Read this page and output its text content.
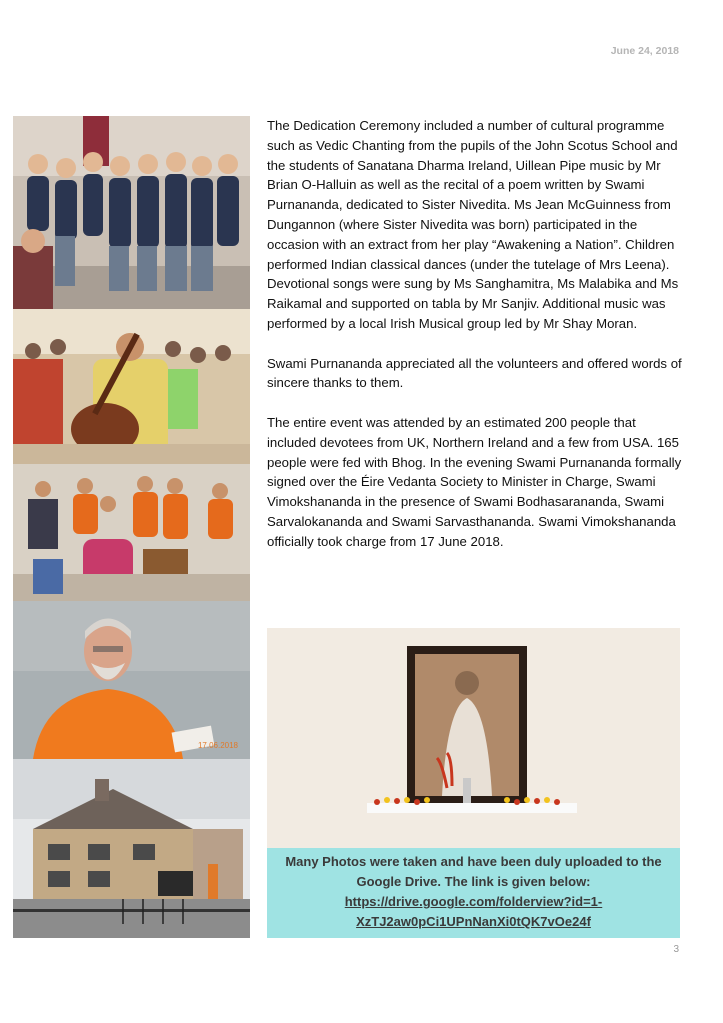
June 24, 2018
17.06.2018

The Dedication Ceremony included a number of cultural programme such as Vedic Chanting from the pupils of the John Scotus School and the students of Sanatana Dharma Ireland, Uillean Pipe music by Mr Brian O-Halluin as well as the recital of a poem written by Swami Purnananda, dedicated to Sister Nivedita. Ms Jean McGuinness from Dungannon (where Sister Nivedita was born) participated in the occasion with an extract from her play “Awakening a Nation”. Children performed Indian classical dances (under the tutelage of Mrs Leena). Devotional songs were sung by Ms Sanghamitra, Ms Malabika and Ms Raikamal and supported on tabla by Mr Sanjiv. Additional music was performed by a local Irish Musical group led by Mr Shay Moran.

Swami Purnananda appreciated all the volunteers and offered words of sincere thanks to them.

The entire event was attended by an estimated 200 people that included devotees from UK, Northern Ireland and a few from USA. 165 people were fed with Bhog. In the evening Swami Purnananda formally signed over the Éire Vedanta Society to Minister in Charge, Swami Vimokshananda in the presence of Swami Bodhasarananda, Swami Sarvalokananda and Swami Sarvasthananda. Swami Vimokshananda officially took charge from 17 June 2018.

Many Photos were taken and have been duly uploaded to the Google Drive. The link is given below:
https://drive.google.com/folderview?id=1-XzTJ2aw0pCi1UPnNanXi0tQK7vOe24f
3
